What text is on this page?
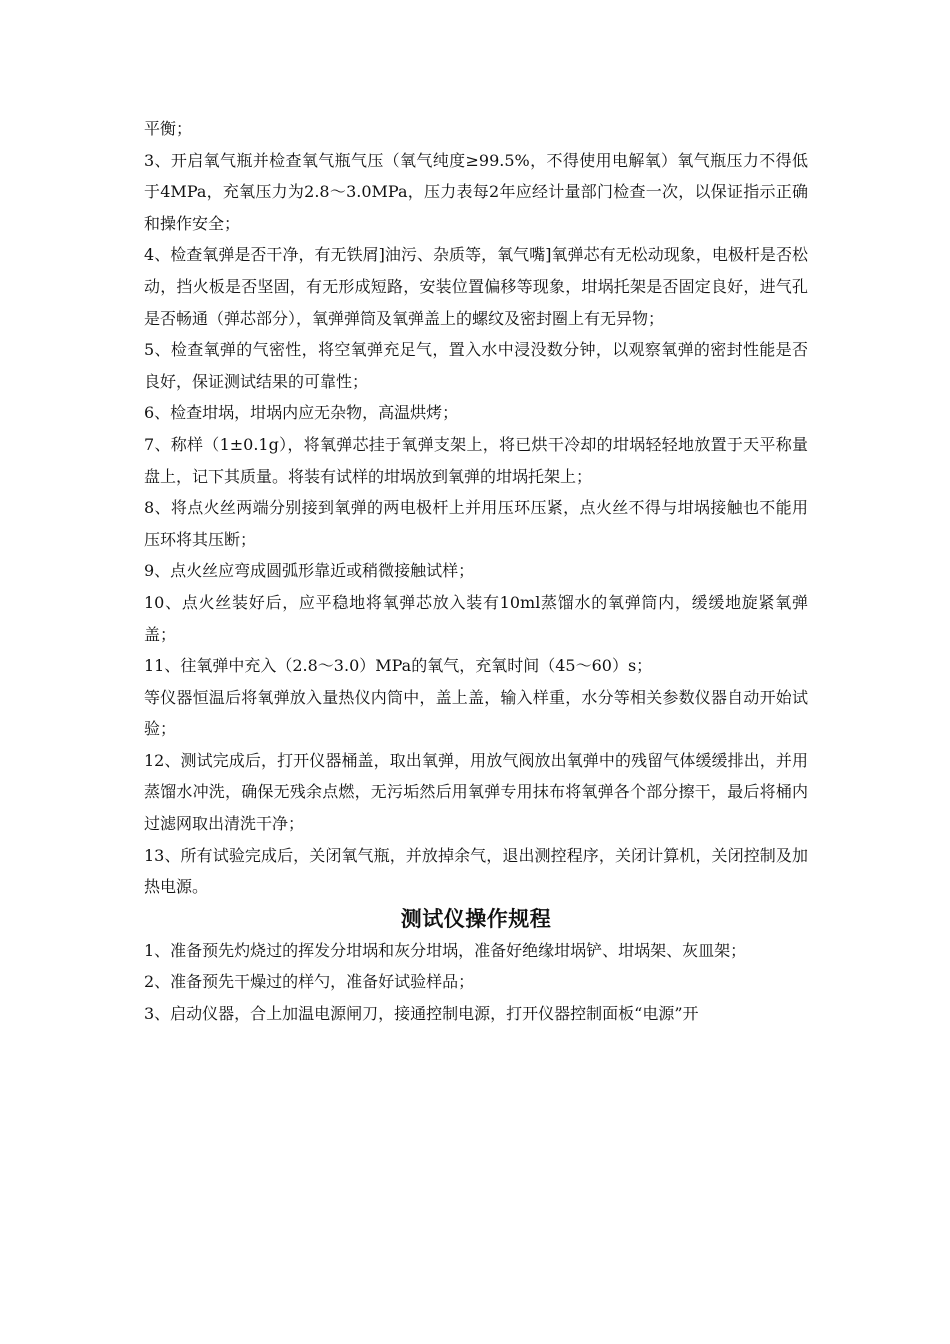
平衡；

3、开启氧气瓶并检查氧气瓶气压（氧气纯度≥99.5%，不得使用电解氧）氧气瓶压力不得低于4MPa，充氧压力为2.8～3.0MPa，压力表每2年应经计量部门检查一次，以保证指示正确和操作安全；

4、检查氧弹是否干净，有无铁屑]油污、杂质等，氧气嘴]氧弹芯有无松动现象，电极杆是否松动，挡火板是否坚固，有无形成短路，安装位置偏移等现象，坩埚托架是否固定良好，进气孔是否畅通（弹芯部分），氧弹弹筒及氧弹盖上的螺纹及密封圈上有无异物；

5、检查氧弹的气密性，将空氧弹充足气，置入水中浸没数分钟，以观察氧弹的密封性能是否良好，保证测试结果的可靠性；

6、检查坩埚，坩埚内应无杂物，高温烘烤；

7、称样（1±0.1g），将氧弹芯挂于氧弹支架上，将已烘干冷却的坩埚轻轻地放置于天平称量盘上，记下其质量。将装有试样的坩埚放到氧弹的坩埚托架上；

8、将点火丝两端分别接到氧弹的两电极杆上并用压环压紧，点火丝不得与坩埚接触也不能用压环将其压断；

9、点火丝应弯成圆弧形靠近或稍微接触试样；

10、点火丝装好后，应平稳地将氧弹芯放入装有10ml蒸馏水的氧弹筒内，缓缓地旋紧氧弹盖；

11、往氧弹中充入（2.8～3.0）MPa的氧气，充氧时间（45～60）s；

等仪器恒温后将氧弹放入量热仪内筒中，盖上盖，输入样重，水分等相关参数仪器自动开始试验；

12、测试完成后，打开仪器桶盖，取出氧弹，用放气阀放出氧弹中的残留气体缓缓排出，并用蒸馏水冲洗，确保无残余点燃，无污垢然后用氧弹专用抹布将氧弹各个部分擦干，最后将桶内过滤网取出清洗干净；

13、所有试验完成后，关闭氧气瓶，并放掉余气，退出测控程序，关闭计算机，关闭控制及加热电源。

测试仪操作规程

1、准备预先灼烧过的挥发分坩埚和灰分坩埚，准备好绝缘坩埚铲、坩埚架、灰皿架；

2、准备预先干燥过的样勺，准备好试验样品；

3、启动仪器，合上加温电源闸刀，接通控制电源，打开仪器控制面板“电源”开
